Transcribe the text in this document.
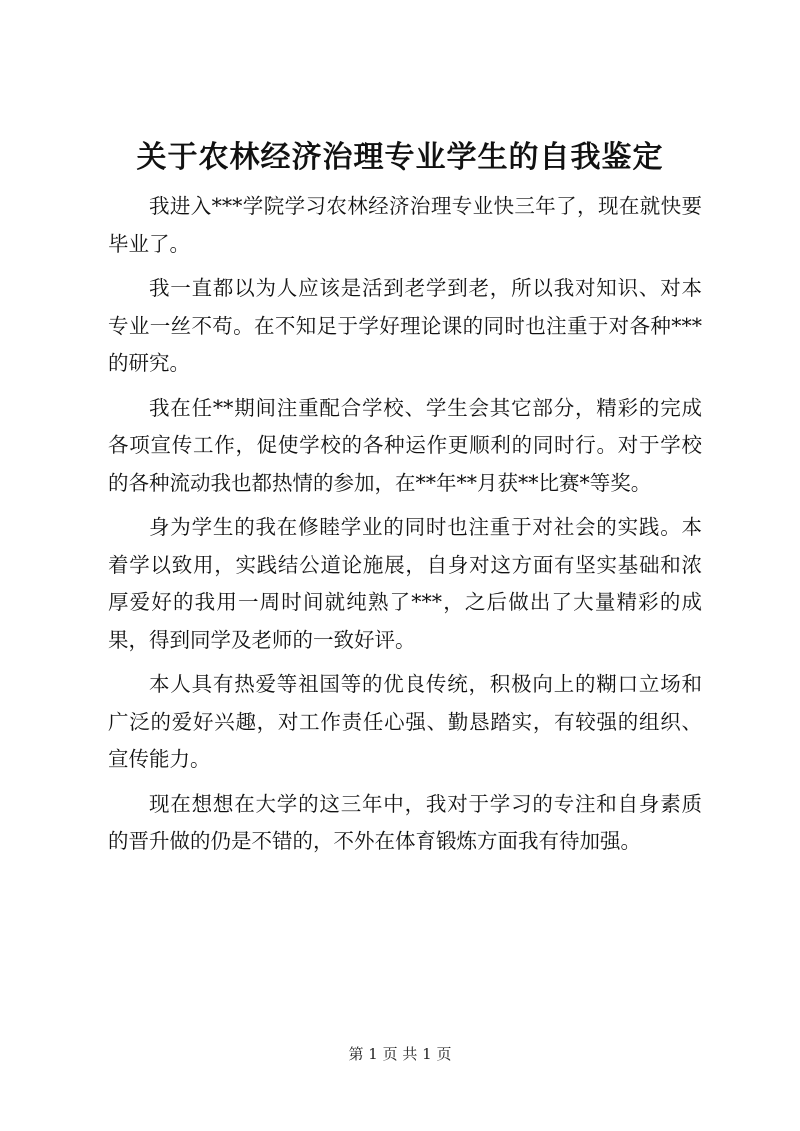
关于农林经济治理专业学生的自我鉴定

我进入***学院学习农林经济治理专业快三年了，现在就快要毕业了。

我一直都以为人应该是活到老学到老，所以我对知识、对本专业一丝不苟。在不知足于学好理论课的同时也注重于对各种***的研究。

我在任**期间注重配合学校、学生会其它部分，精彩的完成各项宣传工作，促使学校的各种运作更顺利的同时行。对于学校的各种流动我也都热情的参加，在**年**月获**比赛*等奖。

身为学生的我在修睦学业的同时也注重于对社会的实践。本着学以致用，实践结公道论施展，自身对这方面有坚实基础和浓厚爱好的我用一周时间就纯熟了***，之后做出了大量精彩的成果，得到同学及老师的一致好评。

本人具有热爱等祖国等的优良传统，积极向上的糊口立场和广泛的爱好兴趣，对工作责任心强、勤恳踏实，有较强的组织、宣传能力。

现在想想在大学的这三年中，我对于学习的专注和自身素质的晋升做的仍是不错的，不外在体育锻炼方面我有待加强。

第 1 页 共 1 页
